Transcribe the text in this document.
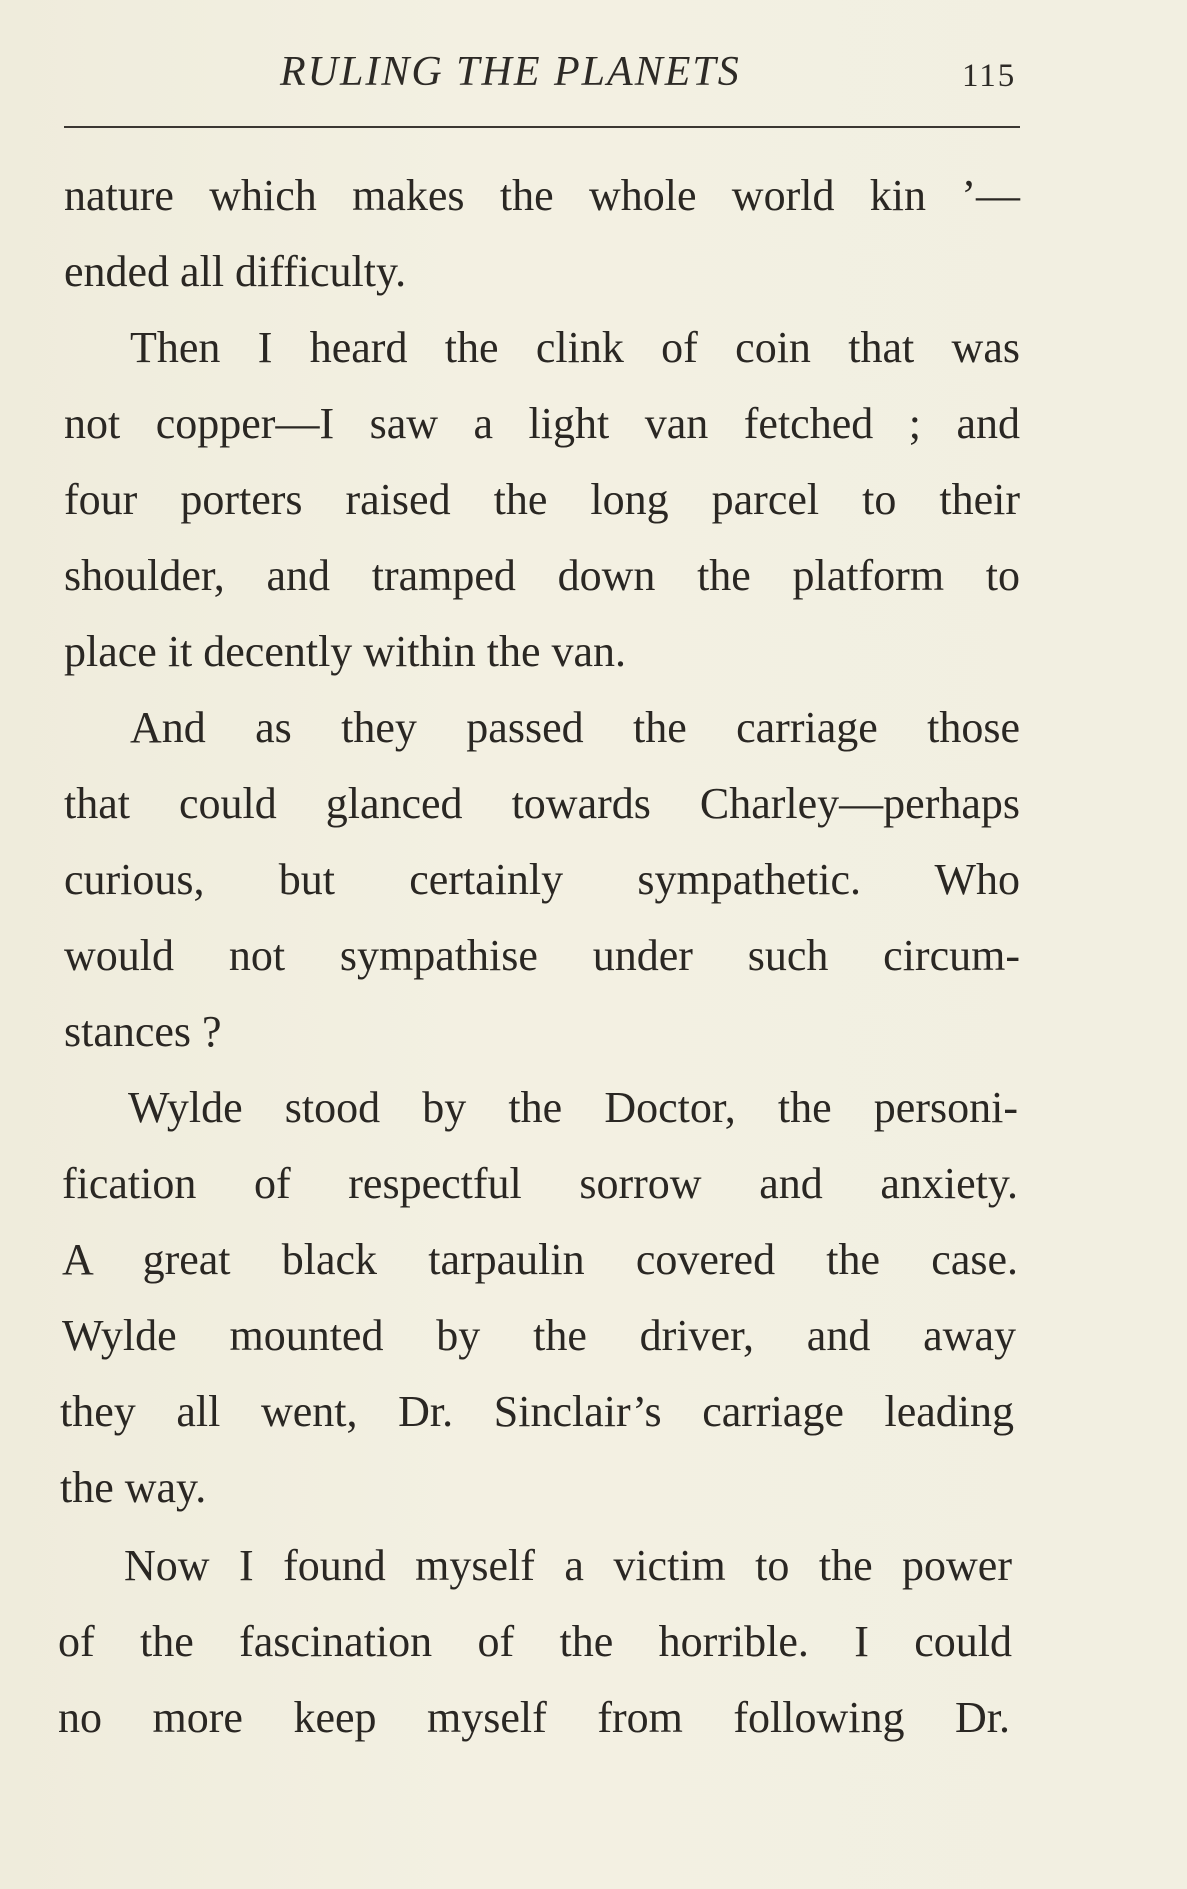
RULING THE PLANETS	115
nature which makes the whole world kin ’—
ended all difficulty.
Then I heard the clink of coin that was
not copper—I saw a light van fetched ; and
four porters raised the long parcel to their
shoulder, and tramped down the platform to
place it decently within the van.
And as they passed the carriage those
that could glanced towards Charley—perhaps
curious, but certainly sympathetic. Who
would not sympathise under such circum-
stances ?
Wylde stood by the Doctor, the personi-
fication of respectful sorrow and anxiety.
A great black tarpaulin covered the case.
Wylde mounted by the driver, and away
they all went, Dr. Sinclair’s carriage leading
the way.
Now I found myself a victim to the power
of the fascination of the horrible. I could
no more keep myself from following Dr.
